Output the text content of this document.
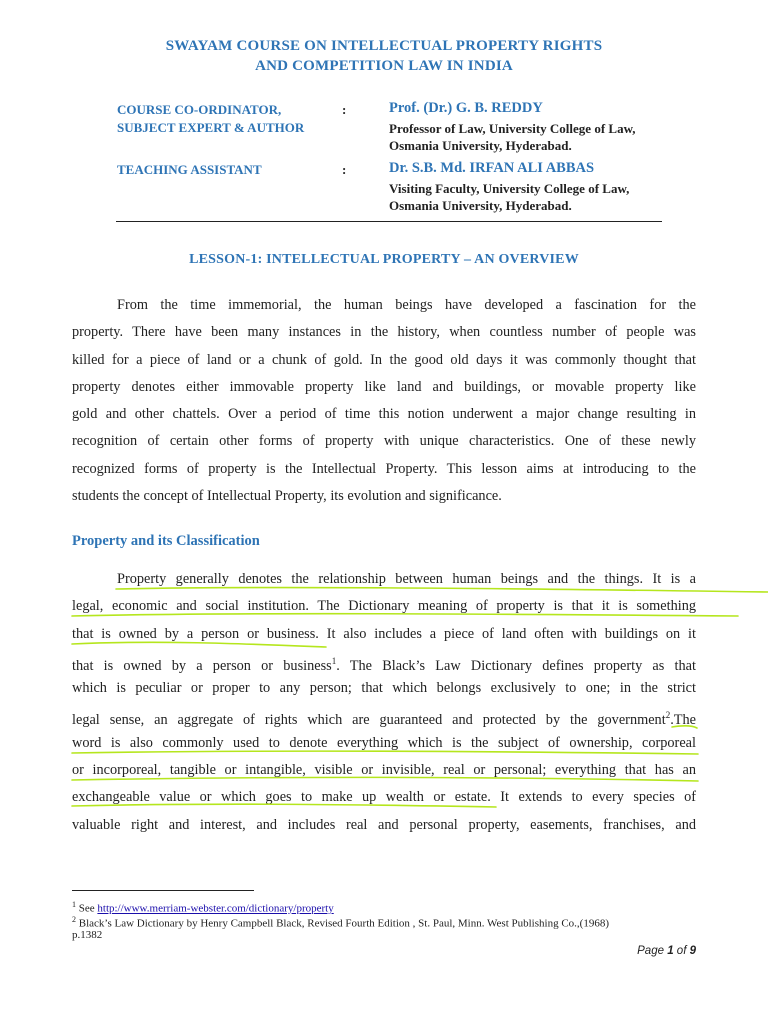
SWAYAM COURSE ON INTELLECTUAL PROPERTY RIGHTS
AND COMPETITION LAW IN INDIA
COURSE CO-ORDINATOR,
SUBJECT EXPERT & AUTHOR
:	Prof. (Dr.) G. B. REDDY
Professor of Law, University College of Law,
Osmania University, Hyderabad.
TEACHING ASSISTANT	:	Dr. S.B. Md. IRFAN ALI ABBAS
Visiting Faculty, University College of Law,
Osmania University, Hyderabad.
LESSON-1: INTELLECTUAL PROPERTY – AN OVERVIEW
From the time immemorial, the human beings have developed a fascination for the
property. There have been many instances in the history, when countless number of people was
killed for a piece of land or a chunk of gold. In the good old days it was commonly thought that
property denotes either immovable property like land and buildings, or movable property like
gold and other chattels. Over a period of time this notion underwent a major change resulting in
recognition of certain other forms of property with unique characteristics. One of these newly
recognized forms of property is the Intellectual Property. This lesson aims at introducing to the
students the concept of Intellectual Property, its evolution and significance.
Property and its Classification
Property generally denotes the relationship between human beings and the things. It is a
legal, economic and social institution. The Dictionary meaning of property is that it is something
that is owned by a person or business. It also includes a piece of land often with buildings on it
that is owned by a person or business$^1$. The Black’s Law Dictionary defines property as that
which is peculiar or proper to any person; that which belongs exclusively to one; in the strict
legal sense, an aggregate of rights which are guaranteed and protected by the government$^2$.The
word is also commonly used to denote everything which is the subject of ownership, corporeal
or incorporeal, tangible or intangible, visible or invisible, real or personal; everything that has an
exchangeable value or which goes to make up wealth or estate. It extends to every species of
valuable right and interest, and includes real and personal property, easements, franchises, and
$^1$ See http://www.merriam-webster.com/dictionary/property
$^2$ Black’s Law Dictionary by Henry Campbell Black, Revised Fourth Edition , St. Paul, Minn. West Publishing Co.,(1968)
p.1382
Page 1 of 9
